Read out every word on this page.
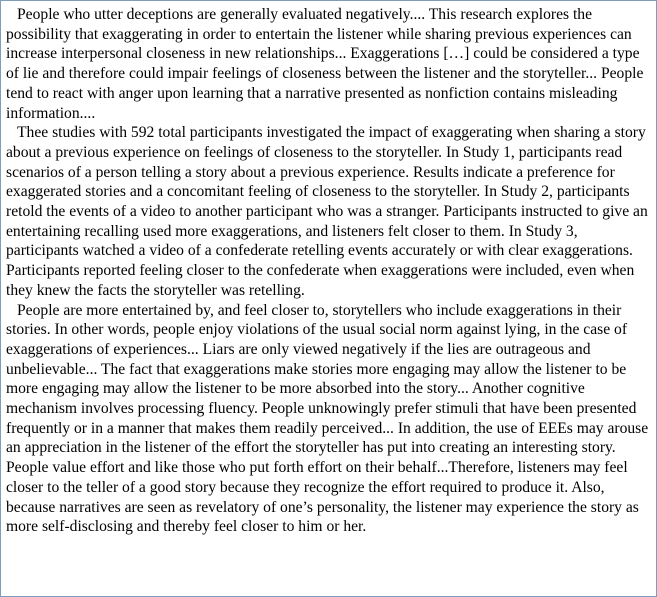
People who utter deceptions are generally evaluated negatively.... This research explores the possibility that exaggerating in order to entertain the listener while sharing previous experiences can increase interpersonal closeness in new relationships... Exaggerations […] could be considered a type of lie and therefore could impair feelings of closeness between the listener and the storyteller... People tend to react with anger upon learning that a narrative presented as nonfiction contains misleading information....

Thee studies with 592 total participants investigated the impact of exaggerating when sharing a story about a previous experience on feelings of closeness to the storyteller. In Study 1, participants read scenarios of a person telling a story about a previous experience. Results indicate a preference for exaggerated stories and a concomitant feeling of closeness to the storyteller. In Study 2, participants retold the events of a video to another participant who was a stranger. Participants instructed to give an entertaining recalling used more exaggerations, and listeners felt closer to them. In Study 3, participants watched a video of a confederate retelling events accurately or with clear exaggerations. Participants reported feeling closer to the confederate when exaggerations were included, even when they knew the facts the storyteller was retelling.

People are more entertained by, and feel closer to, storytellers who include exaggerations in their stories. In other words, people enjoy violations of the usual social norm against lying, in the case of exaggerations of experiences... Liars are only viewed negatively if the lies are outrageous and unbelievable... The fact that exaggerations make stories more engaging may allow the listener to be more engaging may allow the listener to be more absorbed into the story... Another cognitive mechanism involves processing fluency. People unknowingly prefer stimuli that have been presented frequently or in a manner that makes them readily perceived... In addition, the use of EEEs may arouse an appreciation in the listener of the effort the storyteller has put into creating an interesting story. People value effort and like those who put forth effort on their behalf...Therefore, listeners may feel closer to the teller of a good story because they recognize the effort required to produce it. Also, because narratives are seen as revelatory of one’s personality, the listener may experience the story as more self-disclosing and thereby feel closer to him or her.
